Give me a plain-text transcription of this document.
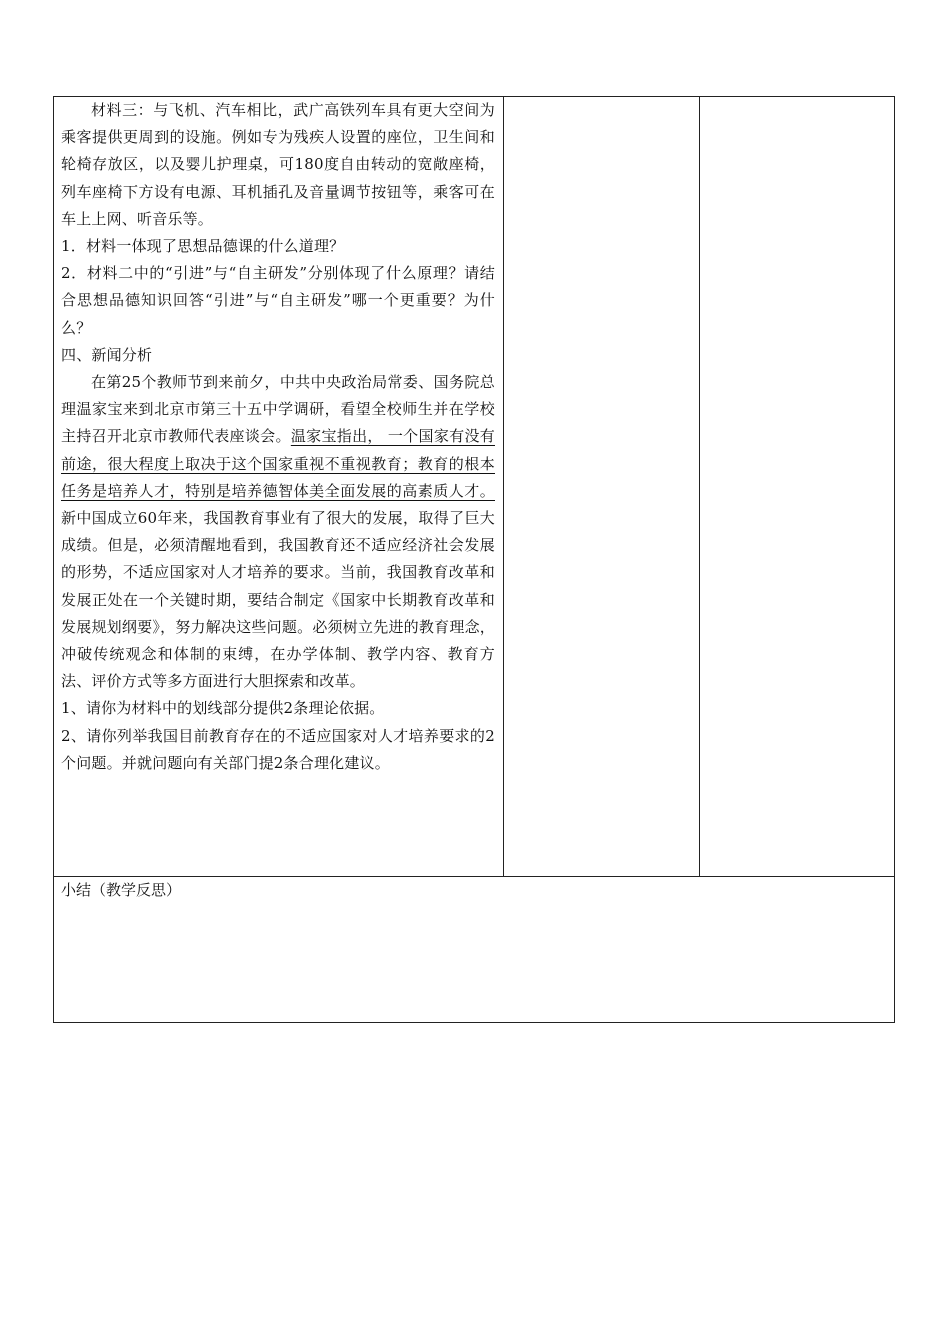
材料三：与飞机、汽车相比，武广高铁列车具有更大空间为乘客提供更周到的设施。例如专为残疾人设置的座位，卫生间和轮椅存放区，以及婴儿护理桌，可180度自由转动的宽敞座椅，列车座椅下方设有电源、耳机插孔及音量调节按钮等，乘客可在车上上网、听音乐等。

1．材料一体现了思想品德课的什么道理？

2．材料二中的“引进”与“自主研发”分别体现了什么原理？请结合思想品德知识回答“引进”与“自主研发”哪一个更重要？为什么？

四、新闻分析

在第25个教师节到来前夕，中共中央政治局常委、国务院总理温家宝来到北京市第三十五中学调研，看望全校师生并在学校主持召开北京市教师代表座谈会。温家宝指出， 一个国家有没有前途，很大程度上取决于这个国家重视不重视教育；教育的根本任务是培养人才，特别是培养德智体美全面发展的高素质人才。新中国成立60年来，我国教育事业有了很大的发展，取得了巨大成绩。但是，必须清醒地看到，我国教育还不适应经济社会发展的形势，不适应国家对人才培养的要求。当前，我国教育改革和发展正处在一个关键时期，要结合制定《国家中长期教育改革和发展规划纲要》，努力解决这些问题。必须树立先进的教育理念，冲破传统观念和体制的束缚，在办学体制、教学内容、教育方法、评价方式等多方面进行大胆探索和改革。

1、请你为材料中的划线部分提供2条理论依据。

2、请你列举我国目前教育存在的不适应国家对人才培养要求的2个问题。并就问题向有关部门提2条合理化建议。

小结（教学反思）
